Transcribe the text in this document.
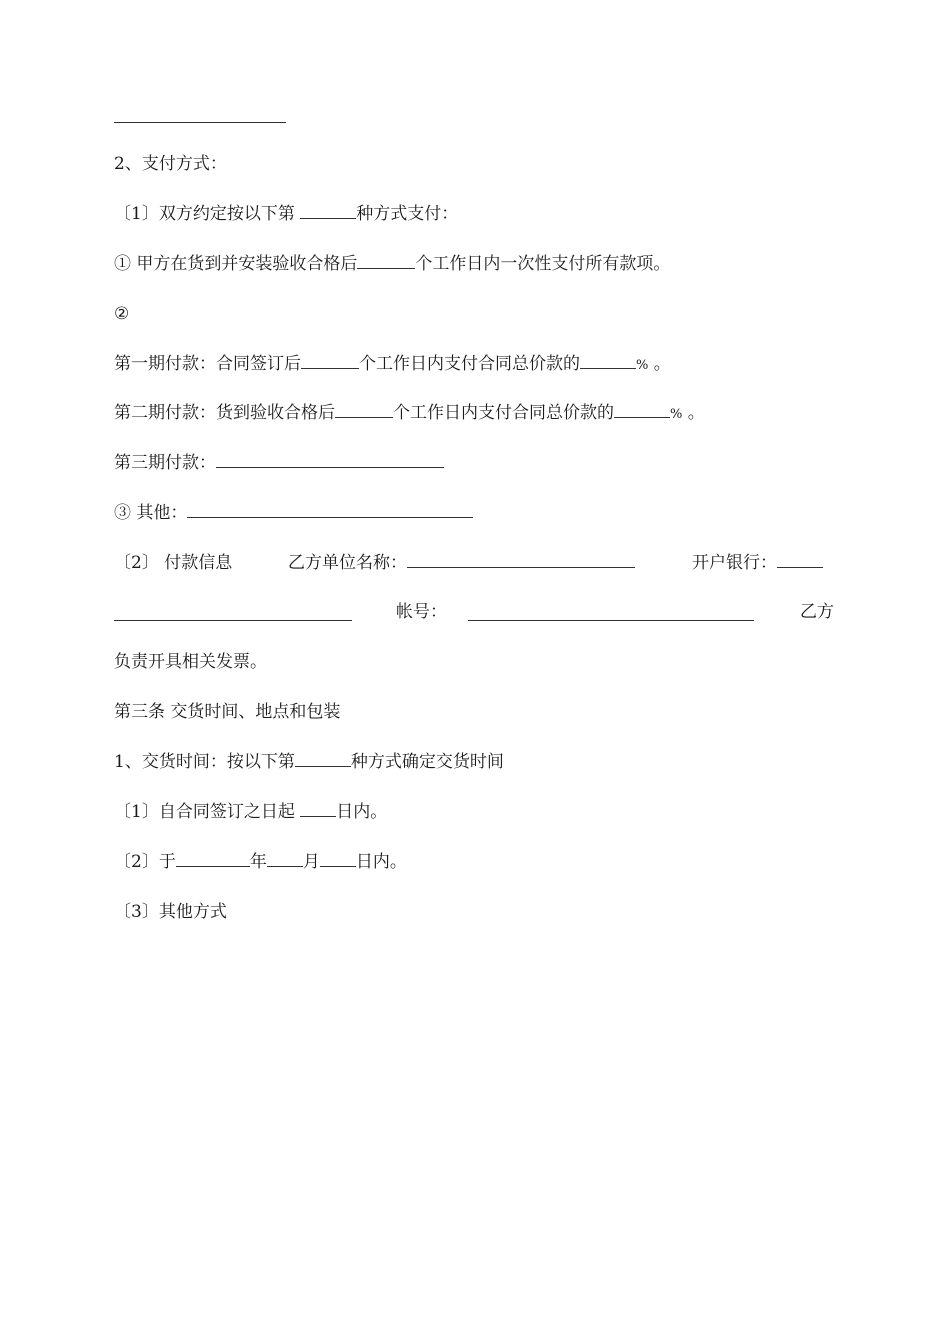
2、支付方式：
〔1〕双方约定按以下第	种方式支付：
① 甲方在货到并安装验收合格后	个工作日内一次性支付所有款项。
②
第一期付款：合同签订后	个工作日内支付合同总价款的	% 。
第二期付款：货到验收合格后	个工作日内支付合同总价款的	% 。
第三期付款：
③ 其他：
〔2〕 付款信息	乙方单位名称：	开户银行：
帐号：	乙方
负责开具相关发票。
第三条 交货时间、地点和包装
1、交货时间：按以下第	种方式确定交货时间
〔1〕自合同签订之日起 日内。
〔2〕于	年 月 日内。
〔3〕其他方式
